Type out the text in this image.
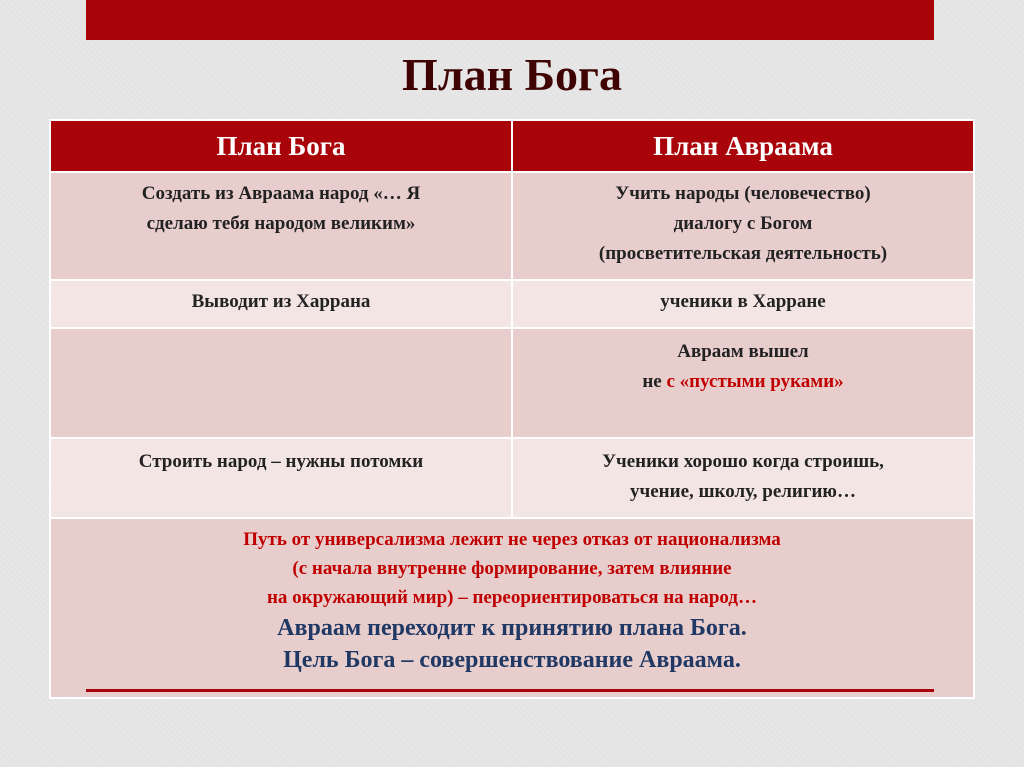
План Бога
План Бога	План Авраама

Создать из Авраама народ «… Я
сделаю тебя народом великим»	Учить народы (человечество)
диалогу с Богом
(просветительская деятельность)

Выводит из Харрана	ученики в Харране

	Авраам вышел
не с «пустыми руками»

Строить народ – нужны потомки	Ученики хорошо когда строишь,
учение, школу, религию…

Путь от универсализма лежит не через отказ от национализма
(с начала внутренне формирование, затем влияние
на окружающий мир) – переориентироваться на народ…
Авраам переходит к принятию плана Бога.
Цель Бога – совершенствование Авраама.	
